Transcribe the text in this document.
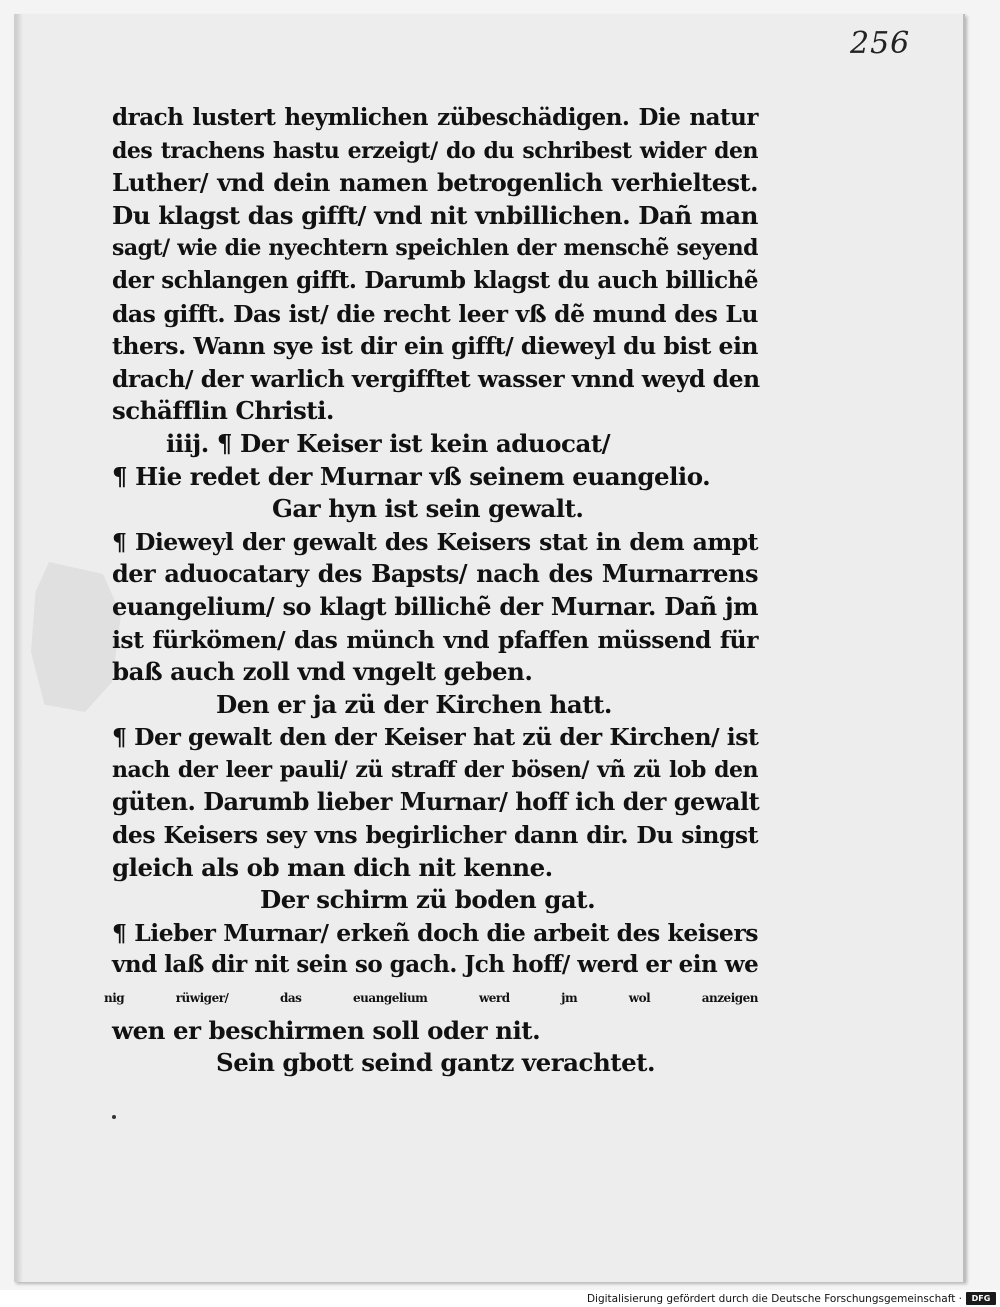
256
drach lustert heymlichen zübeschädigen. Die natur
des trachens hastu erzeigt/ do du schribest wider den
Luther/ vnd dein namen betrogenlich verhieltest.
Du klagst das gifft/ vnd nit vnbillichen. Dañ man
sagt/ wie die nyechtern speichlen der menschẽ seyend
der schlangen gifft. Darumb klagst du auch billichẽ
das gifft. Das ist/ die recht leer vß dẽ mund des Lu
thers. Wann sye ist dir ein gifft/ dieweyl du bist ein
drach/ der warlich vergifftet wasser vnnd weyd den
schäfflin Christi.
iiij. ¶ Der Keiser ist kein aduocat/
¶ Hie redet der Murnar vß seinem euangelio.
Gar hyn ist sein gewalt.
¶ Dieweyl der gewalt des Keisers stat in dem ampt
der aduocatary des Bapsts/ nach des Murnarrens
euangelium/ so klagt billichẽ der Murnar. Dañ jm
ist fürkömen/ das münch vnd pfaffen müssend für
baß auch zoll vnd vngelt geben.
Den er ja zü der Kirchen hatt.
¶ Der gewalt den der Keiser hat zü der Kirchen/ ist
nach der leer pauli/ zü straff der bösen/ vñ zü lob den
güten. Darumb lieber Murnar/ hoff ich der gewalt
des Keisers sey vns begirlicher dann dir. Du singst
gleich als ob man dich nit kenne.
Der schirm zü boden gat.
¶ Lieber Murnar/ erkeñ doch die arbeit des keisers
vnd laß dir nit sein so gach. Jch hoff/ werd er ein we
nig rüwiger/ das euangelium werd jm wol anzeigen
wen er beschirmen soll oder nit.
Sein gbott seind gantz verachtet.
Digitalisierung gefördert durch die Deutsche Forschungsgemeinschaft ·	DFG
